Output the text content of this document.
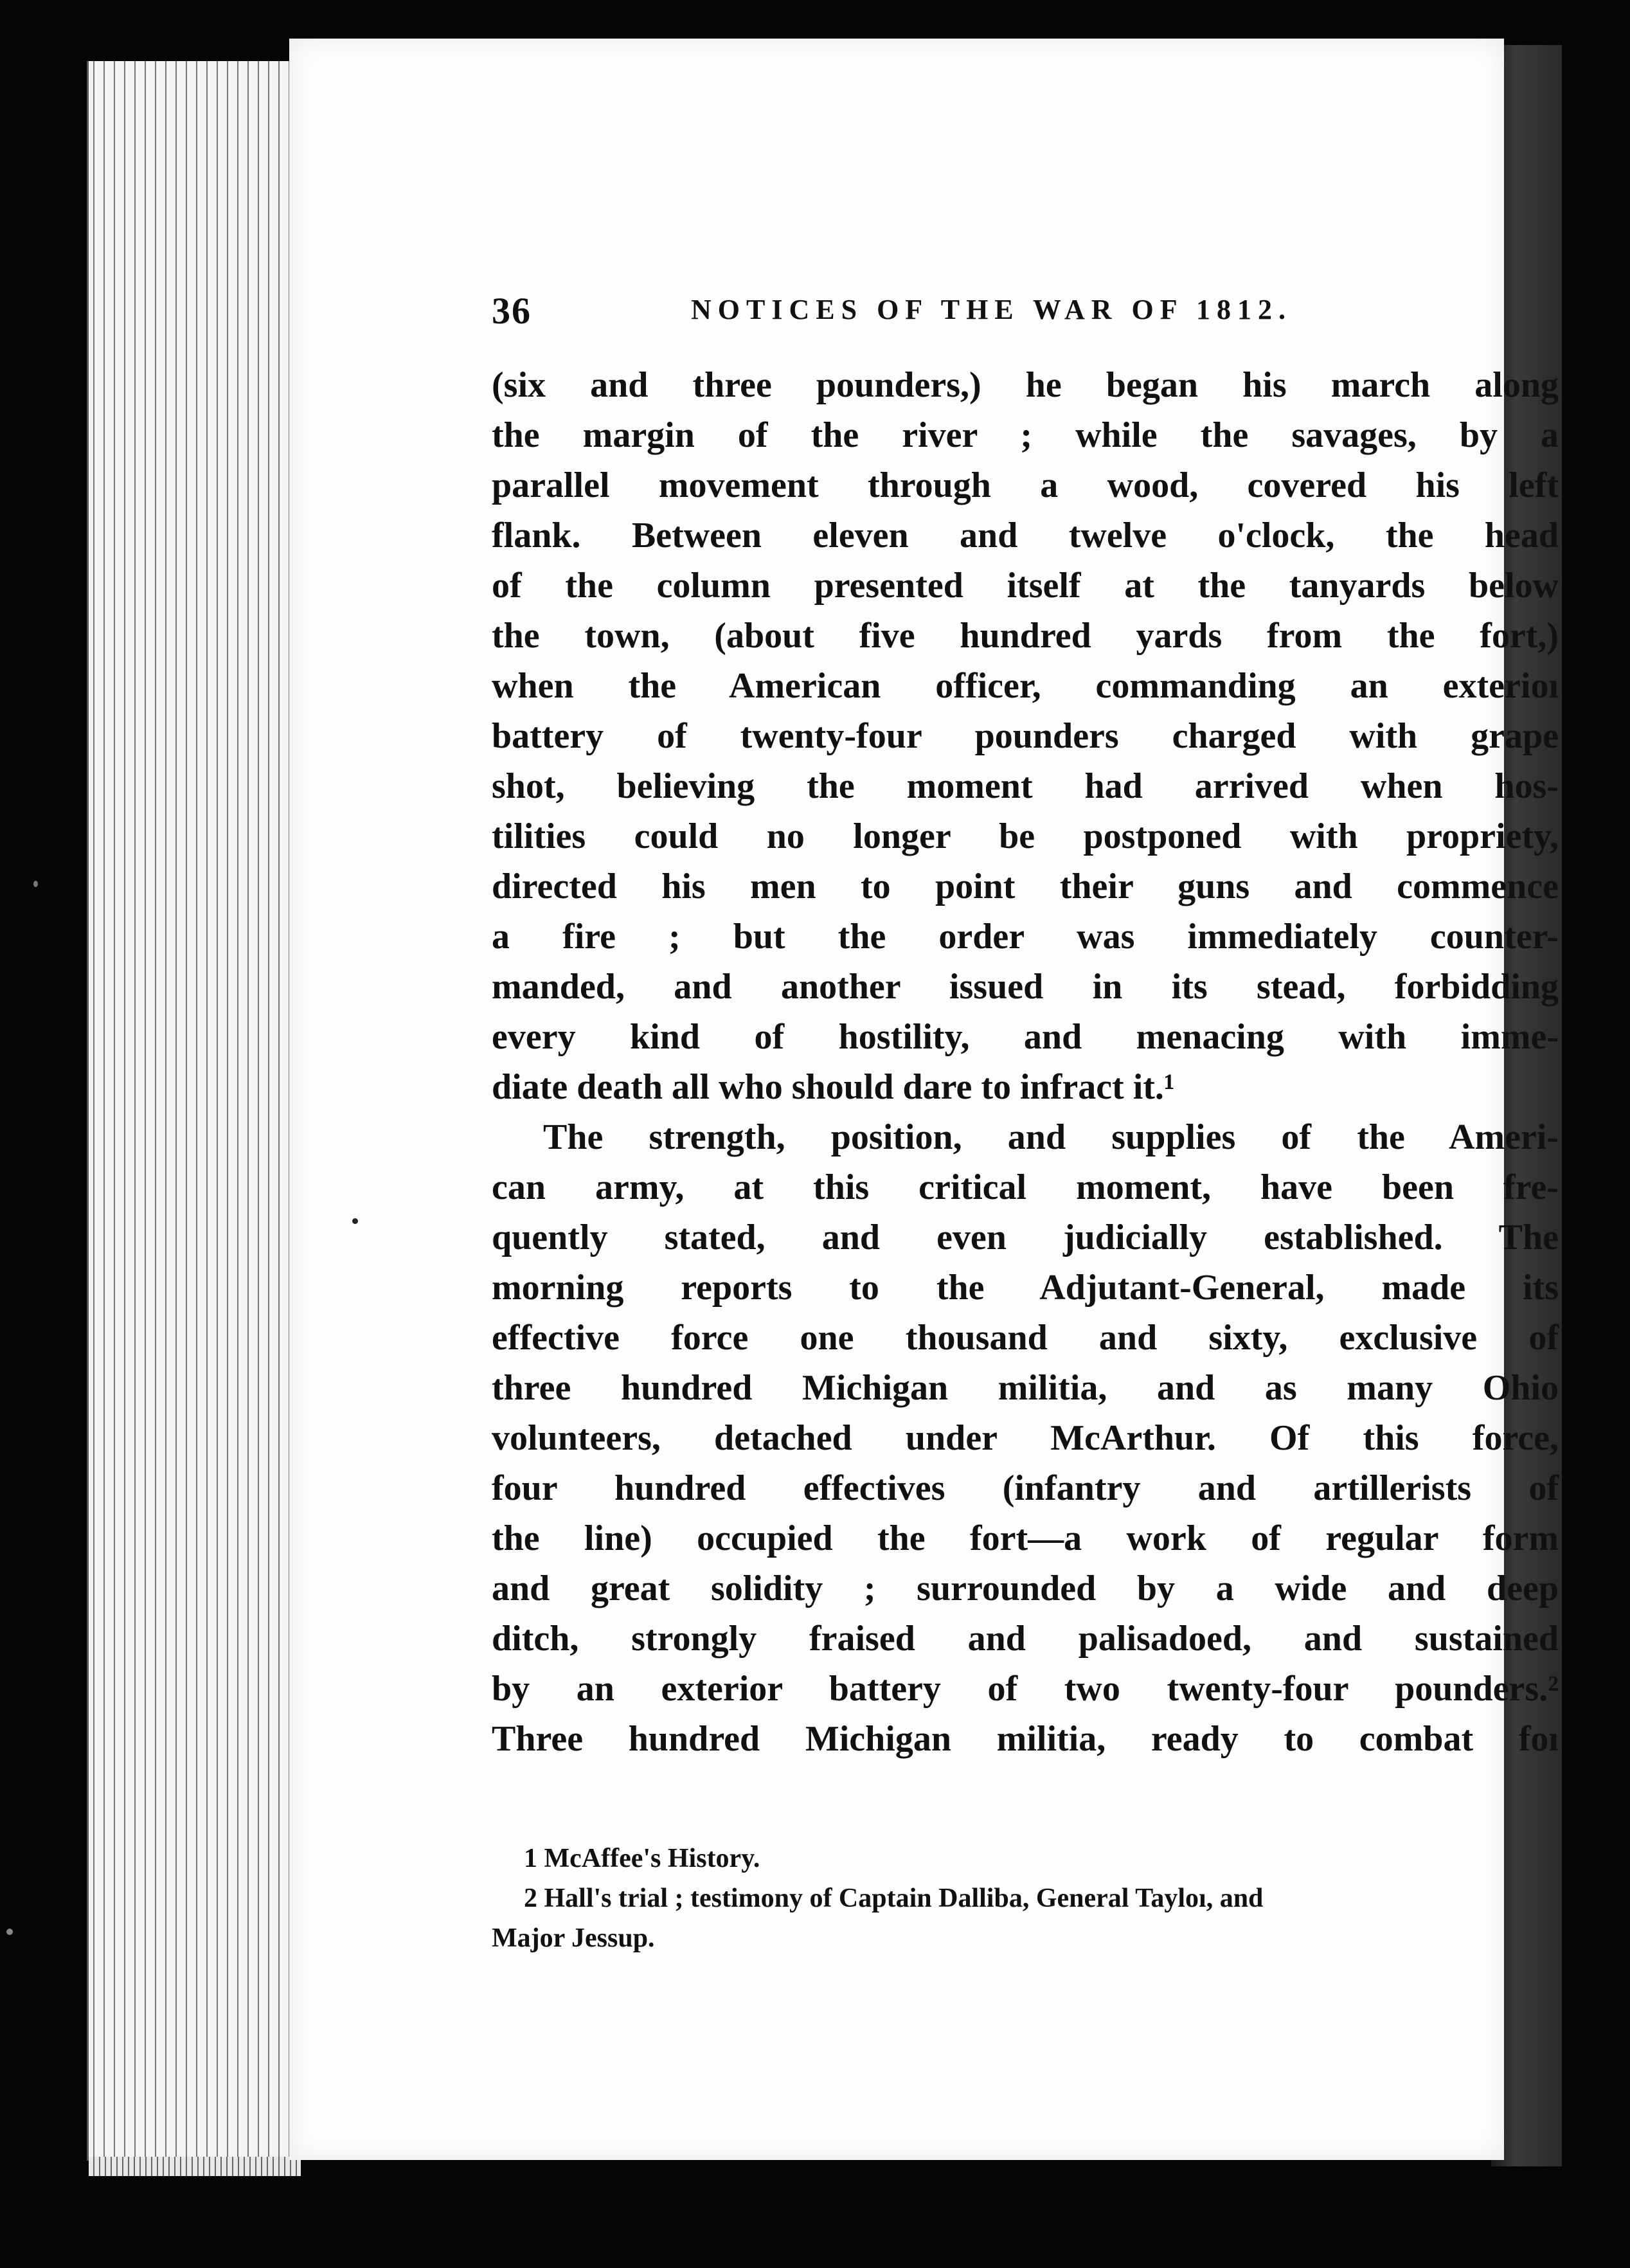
36	NOTICES OF THE WAR OF 1812.
(six and three pounders,) he began his march along
the margin of the river ; while the savages, by a
parallel movement through a wood, covered his left
flank. Between eleven and twelve o'clock, the head
of the column presented itself at the tanyards below
the town, (about five hundred yards from the fort,)
when the American officer, commanding an exterioı
battery of twenty-four pounders charged with grape
shot, believing the moment had arrived when hos-
tilities could no longer be postponed with propriety,
directed his men to point their guns and commence
a fire ; but the order was immediately counter-
manded, and another issued in its stead, forbidding
every kind of hostility, and menacing with imme-
diate death all who should dare to infract it.¹
The strength, position, and supplies of the Ameri-
can army, at this critical moment, have been fre-
quently stated, and even judicially established. The
morning reports to the Adjutant-General, made its
effective force one thousand and sixty, exclusive of
three hundred Michigan militia, and as many Ohio
volunteers, detached under McArthur. Of this force,
four hundred effectives (infantry and artillerists of
the line) occupied the fort—a work of regular form
and great solidity ; surrounded by a wide and deep
ditch, strongly fraised and palisadoed, and sustained
by an exterior battery of two twenty-four pounders.²
Three hundred Michigan militia, ready to combat foı
1 McAffee's History.
2 Hall's trial ; testimony of Captain Dalliba, General Tayloı, and
Major Jessup.
